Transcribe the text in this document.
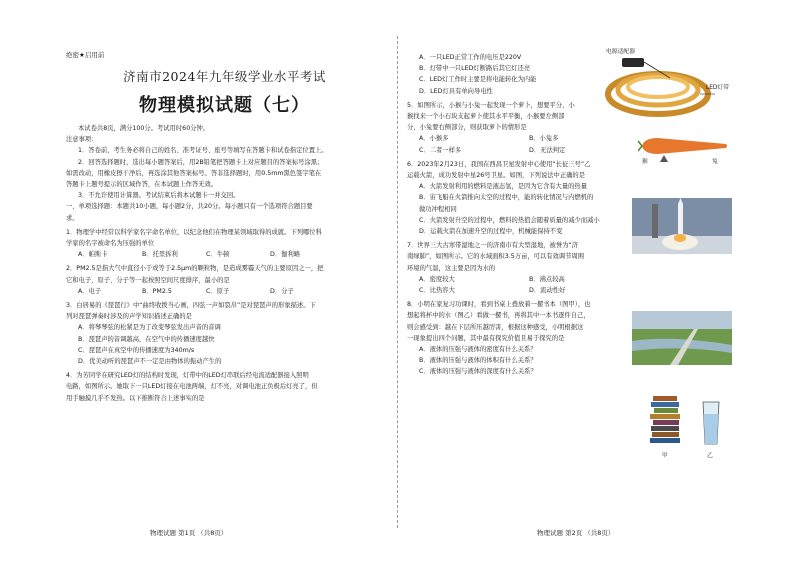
绝密★启用前
济南市2024年九年级学业水平考试
物理模拟试题（七）

本试卷共8页，满分100分。考试用时60分钟。

注意事项：

1．答卷前，考生务必将自己的姓名、准考证号、座号等填写在答题卡和试卷指定位置上。

2．回答选择题时，选出每小题答案后，用2B铅笔把答题卡上对应题目的答案标号涂黑；

如需改动，用橡皮擦干净后，再选涂其他答案标号。答非选择题时，用0.5mm黑色签字笔在

答题卡上题号提示的区域作答，在本试题上作答无效。

3．不允许使用计算器。考试结束后将本试题卡一并交回。

一、单项选择题：本题共10小题，每小题2分，共20分。每小题只有一个选项符合题目要

求。

1．物理学中经常以科学家名字命名单位，以纪念他们在物理某领域取得的成就。下列哪位科

学家的名字被命名为压强的单位

A．帕斯卡	B．托里拆利	C．牛顿	D．伽利略

2．PM2.5是指大气中直径小于或等于2.5μm的颗粒物，是造成雾霾天气的主要原因之一，把

它和电子、原子、分子等一起按照空间尺度排序，最小的是

A．电子	B．PM2.5	C．原子	D．分子

3．白居易的《琵琶行》中“曲终收拨当心画，四弦一声如裂帛”是对琵琶声的形象描述。下

列对琵琶弹奏时涉及的声学知识描述正确的是

A．将琴琴弦的松紧是为了改变琴弦发出声音的音调

B．琵琶声的音调越高，在空气中的传播速度越快

C．琵琶声在真空中的传播速度为340m/s

D．优美动听的琵琶声不一定是由物体的振动产生的

4．为芳同学在研究LED灯的结构时发现，灯带中的LED灯串联后经电流适配器接入照明

电路，如图所示。她取下一只LED灯接在电池两端，灯不亮，对调电池正负极后灯亮了，但

用手触摸几乎不发热。以下推断符合上述事实的是

物理试题 第1页 （共8页）

A．一只LED正常工作的电压是220V

B．灯带中一只LED灯断路后其它灯还亮

C．LED灯工作时主要是将电能转化为内能

D．LED灯具有单向导电性

5．如图所示，小猴与小兔一起发现一个萝卜，想要平分，小

猴找来一个小石块支起萝卜使其水平平衡，小猴要左侧部

分，小兔要右侧部分，则获取萝卜的情形是

A．小猴多	B．小兔多
C．二者一样多	D．无法判定

6．2023年2月23日，我国在西昌卫星发射中心使用“长征三号”乙

运载火箭，成功发射中星26号卫星。如图，下列说法中正确的是

A．火箭发射利用的燃料是液态氢，是因为它含有大量的热量

B．宙飞船在火箭推向太空的过程中，能的转化情况与内燃机的

做功冲程相同

C．火箭发射升空的过程中，燃料的热值会随着质量的减少而减小

D．运载火箭在加速升空的过程中，机械能保持不变

7．世界三大古寒带湿地之一的济南市有大型湿地，被誉为“济

南绿肺”，如图所示。它的水域面积3.5万亩，可以有效调节周围

环境的气温，这主要是因为水的

A．密度较大	B．沸点较高
C．比热容大	D．流动性好

8．小明在家复习功课时，看到书桌上叠放着一摞书本（图甲），也

想起将杯中的水（图乙）看做一摞书，再将其中一本书逐件自己，

则会感受到：越在下层所压越厉害，根据这种感受，小明根据这

一现象提出四个问题，其中最有探究价值且易于探究的是

A．液体的压强与液体的密度有什么关系？

B．液体的压强与液体的体积有什么关系？

C．液体的压强与液体的深度有什么关系？

物理试题 第2页 （共8页）
电源适配器
LED灯带
猴	兔
甲	乙
